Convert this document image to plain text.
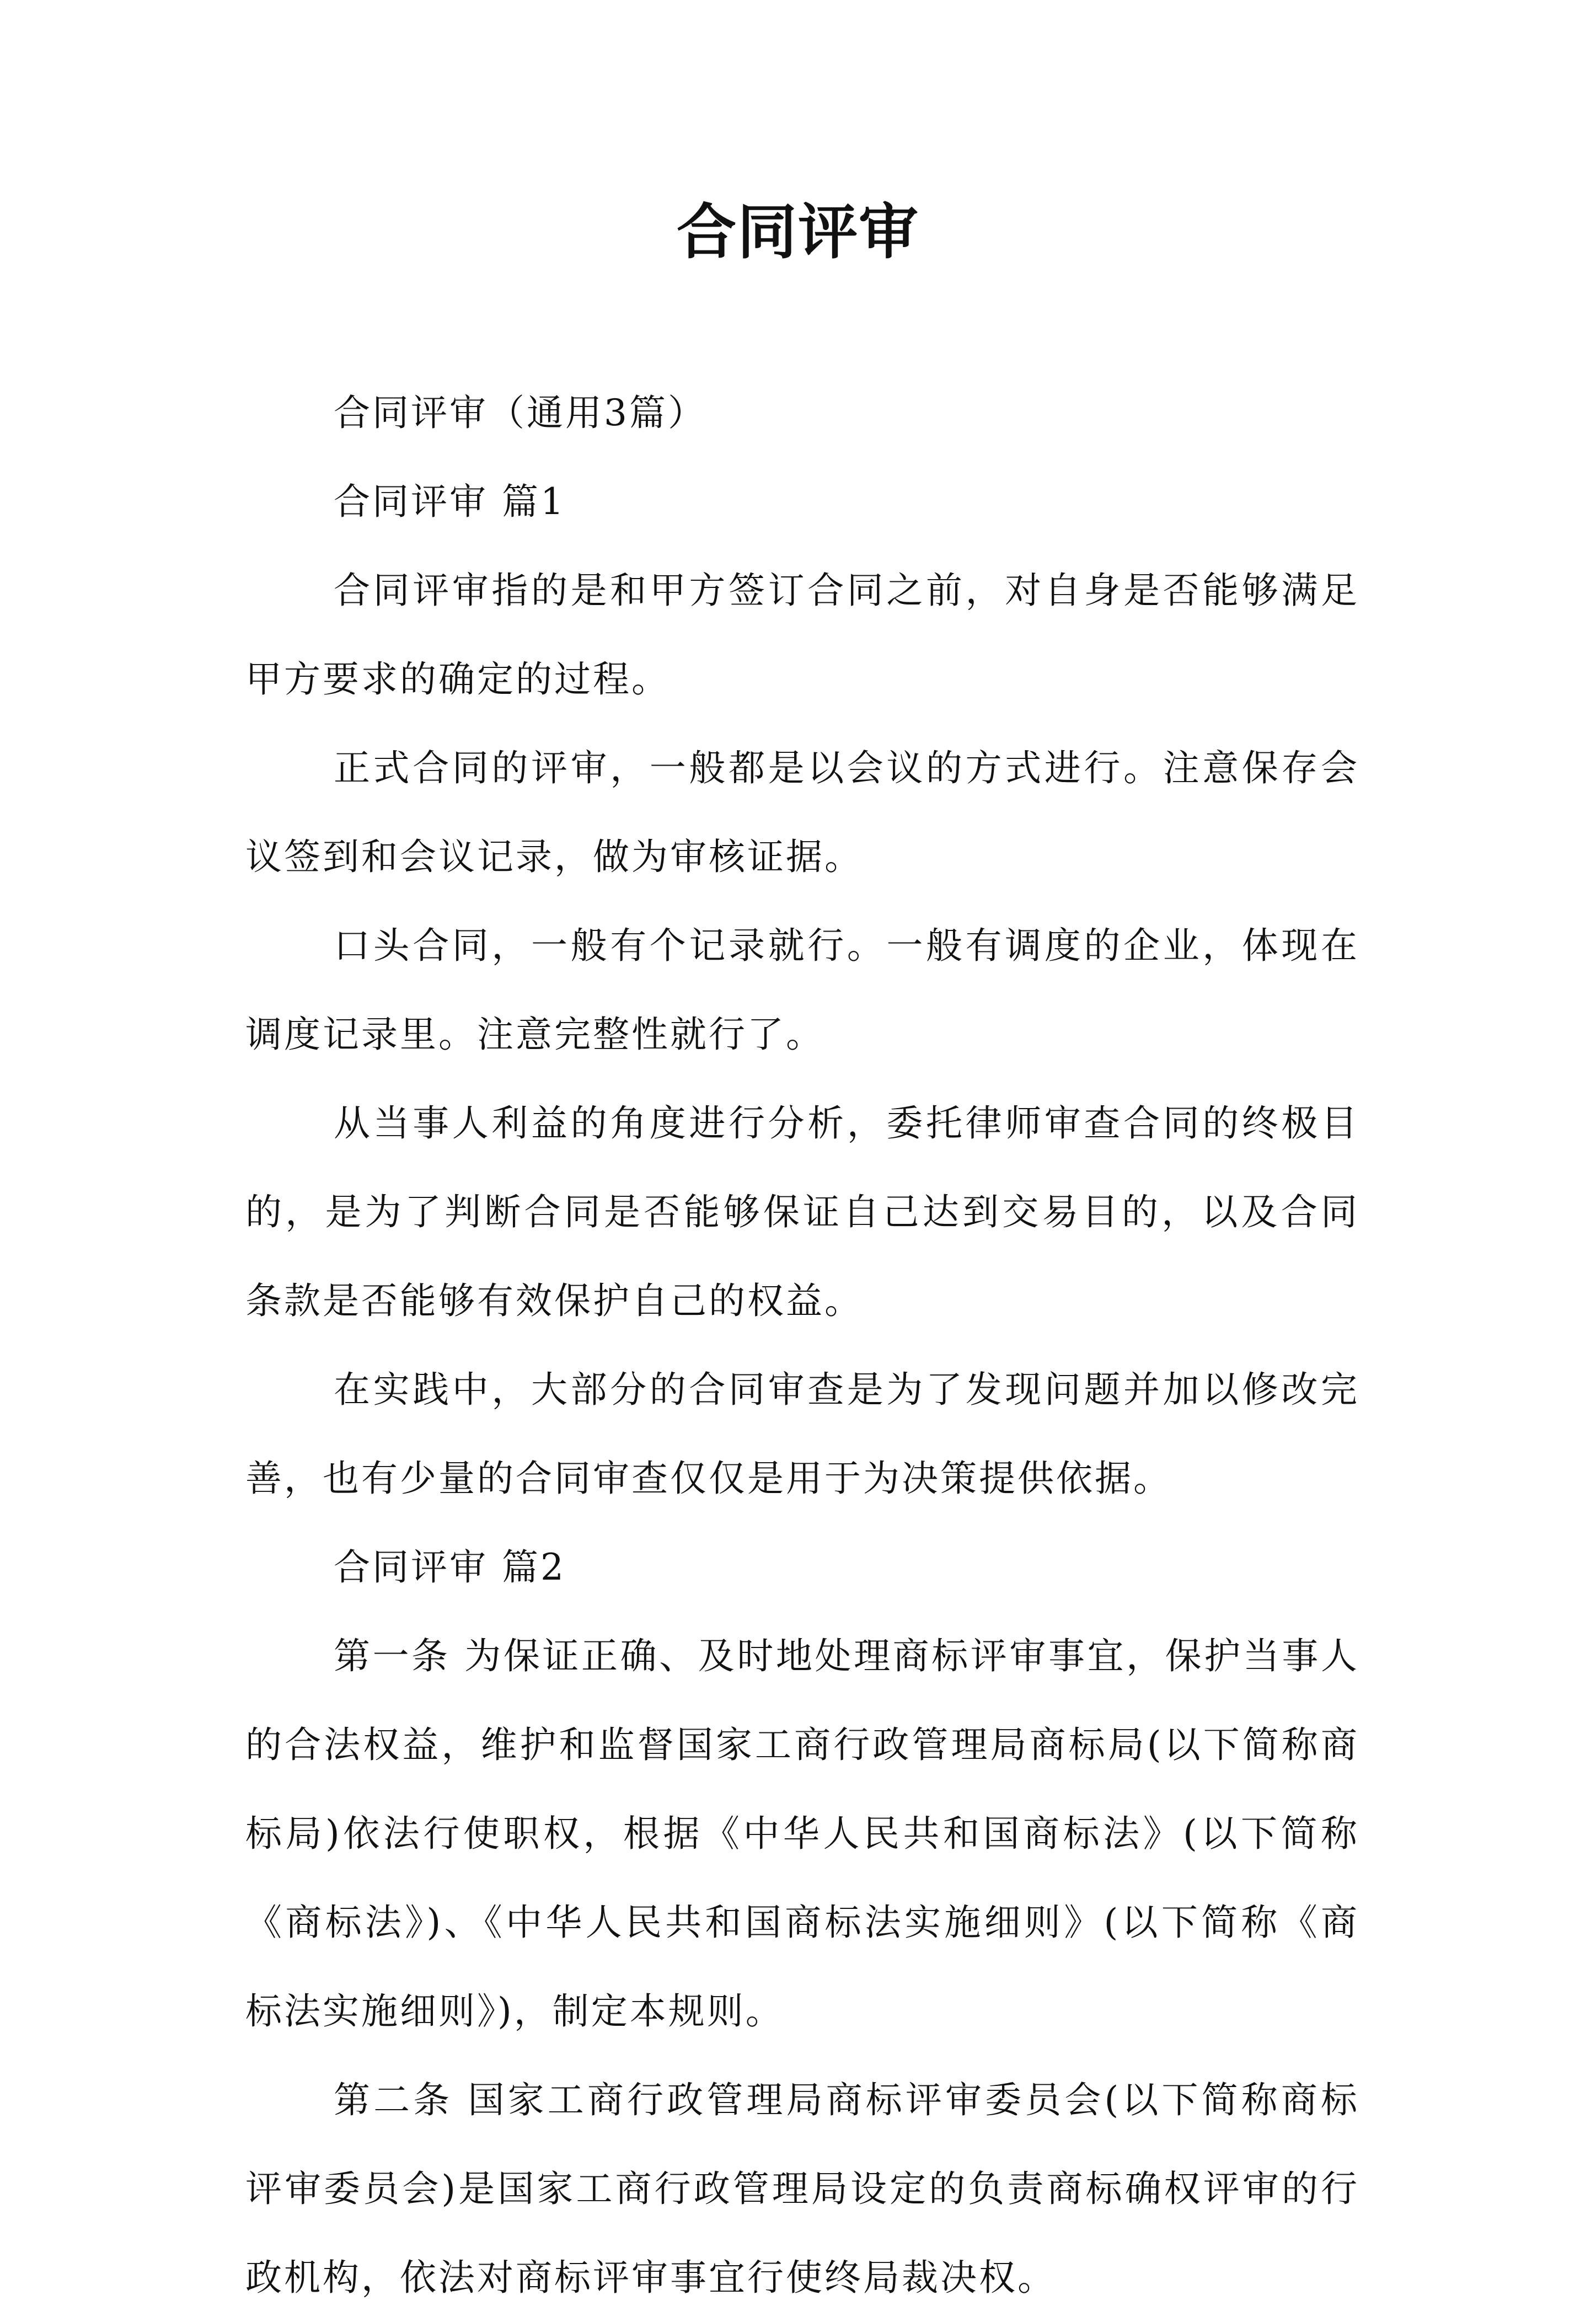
合同评审

合同评审（通用3篇）

合同评审 篇1

合同评审指的是和甲方签订合同之前，对自身是否能够满足甲方要求的确定的过程。

正式合同的评审，一般都是以会议的方式进行。注意保存会议签到和会议记录，做为审核证据。

口头合同，一般有个记录就行。一般有调度的企业，体现在调度记录里。注意完整性就行了。

从当事人利益的角度进行分析，委托律师审查合同的终极目的，是为了判断合同是否能够保证自己达到交易目的，以及合同条款是否能够有效保护自己的权益。

在实践中，大部分的合同审查是为了发现问题并加以修改完善，也有少量的合同审查仅仅是用于为决策提供依据。

合同评审 篇2

第一条 为保证正确、及时地处理商标评审事宜，保护当事人的合法权益，维护和监督国家工商行政管理局商标局(以下简称商标局)依法行使职权，根据《中华人民共和国商标法》(以下简称《商标法》)、《中华人民共和国商标法实施细则》(以下简称《商标法实施细则》)，制定本规则。

第二条 国家工商行政管理局商标评审委员会(以下简称商标评审委员会)是国家工商行政管理局设定的负责商标确权评审的行政机构，依法对商标评审事宜行使终局裁决权。
